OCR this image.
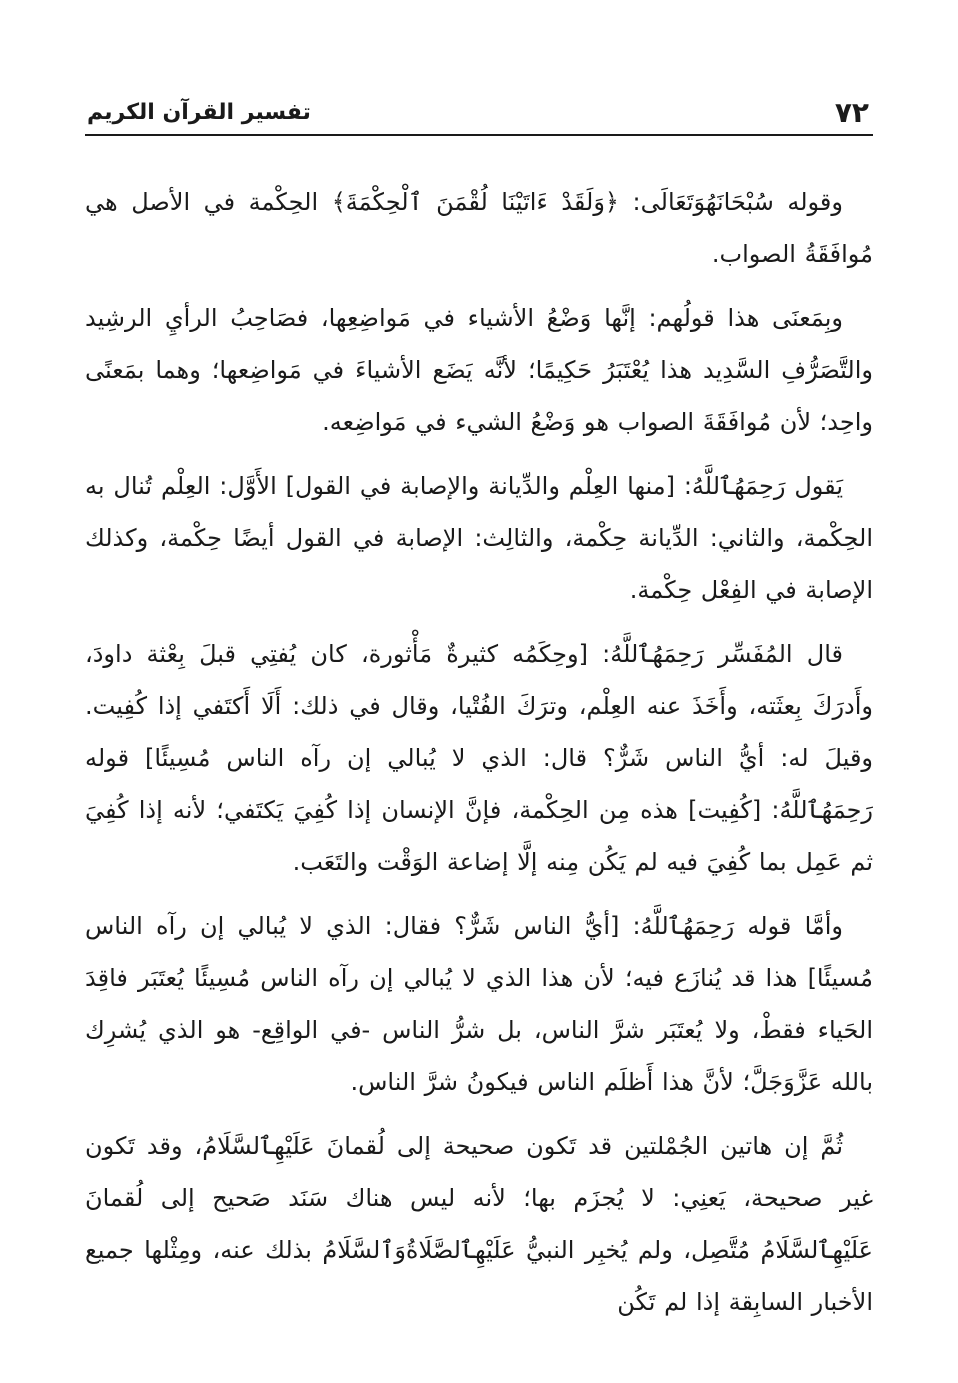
٧٢
تفسير القرآن الكريم

وقوله سُبْحَانَهُوَتَعَالَى: ﴿وَلَقَدْ ءَاتَيْنَا لُقْمَنَ ٱلْحِكْمَةَ﴾ الحِكْمة في الأصل هي مُوافَقَةُ الصواب.

وبِمَعنَى هذا قولُهم: إنَّها وَضْعُ الأشياء في مَواضِعِها، فصَاحِبُ الرأيِ الرشِيد والتَّصَرُّفِ السَّدِيد هذا يُعْتَبَرُ حَكِيمًا؛ لأنَّه يَضَع الأشياءَ في مَواضِعها؛ وهما بمَعنًى واحِد؛ لأن مُوافَقَةَ الصواب هو وَضْعُ الشيء في مَواضِعه.

يَقول رَحِمَهُٱللَّهُ: [منها العِلْم والدِّيانة والإصابة في القول] الأَوَّل: العِلْم تُنال به الحِكْمة، والثاني: الدِّيانة حِكْمة، والثالِث: الإصابة في القول أيضًا حِكْمة، وكذلك الإصابة في الفِعْل حِكْمة.

قال المُفَسِّر رَحِمَهُٱللَّهُ: [وحِكَمُه كثيرةٌ مَأْثورة، كان يُفتِي قبلَ بِعْثة داودَ، وأَدرَكَ بِعثَته، وأَخَذَ عنه العِلْم، وترَكَ الفُتْيا، وقال في ذلك: أَلَا أَكتَفي إذا كُفِيت. وقيلَ له: أيُّ الناس شَرٌّ؟ قال: الذي لا يُبالي إن رآه الناس مُسِيئًا] قوله رَحِمَهُٱللَّهُ: [كُفِيت] هذه مِن الحِكْمة، فإنَّ الإنسان إذا كُفِيَ يَكتَفي؛ لأنه إذا كُفِيَ ثم عَمِل بما كُفِيَ فيه لم يَكُن مِنه إلَّا إضاعة الوَقْت والتَعَب.

وأمَّا قوله رَحِمَهُٱللَّهُ: [أيُّ الناس شَرٌّ؟ فقال: الذي لا يُبالي إن رآه الناس مُسيئًا] هذا قد يُنازَع فيه؛ لأن هذا الذي لا يُبالي إن رآه الناس مُسِيئًا يُعتَبَر فاقِدَ الحَياء فقطْ، ولا يُعتَبَر شرَّ الناس، بل شرُّ الناس -في الواقِع- هو الذي يُشرِك بالله عَزَّوَجَلَّ؛ لأنَّ هذا أَظلَم الناس فيكونُ شرَّ الناس.

ثُمَّ إن هاتين الجُمْلتين قد تَكون صحيحة إلى لُقمانَ عَلَيْهِٱلسَّلَامُ، وقد تَكون غير صحيحة، يَعنِي: لا يُجزَم بها؛ لأنه ليس هناك سَنَد صَحيح إلى لُقمانَ عَلَيْهِٱلسَّلَامُ مُتَّصِل، ولم يُخبِر النبيُّ عَلَيْهِٱلصَّلَاةُوَٱلسَّلَامُ بذلك عنه، ومِثْلها جميع الأخبار السابِقة إذا لم تَكُن
